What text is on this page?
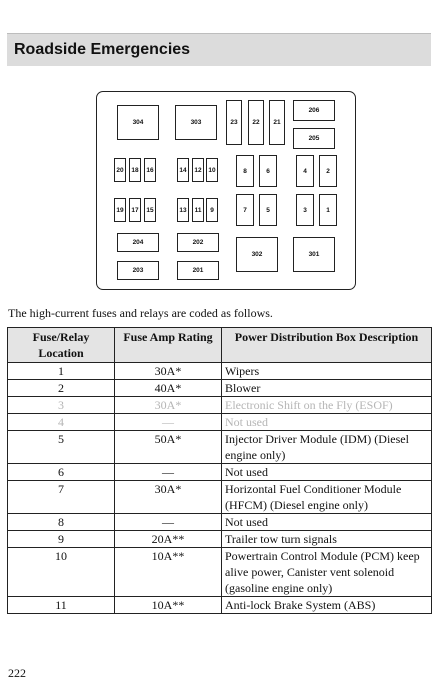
Roadside Emergencies
304	303	23	22	21
206
205
20	18	16	14	12	10	8	6	4	2
19	17	15	13	11	9	7	5	3	1
204	202
203	201
302	301
The high-current fuses and relays are coded as follows.
Fuse/Relay Location	Fuse Amp Rating	Power Distribution Box Description
1	30A*	Wipers
2	40A*	Blower
3	30A*	Electronic Shift on the Fly (ESOF)
4	—	Not used
5	50A*	Injector Driver Module (IDM) (Diesel engine only)
6	—	Not used
7	30A*	Horizontal Fuel Conditioner Module (HFCM) (Diesel engine only)
8	—	Not used
9	20A**	Trailer tow turn signals
10	10A**	Powertrain Control Module (PCM) keep alive power, Canister vent solenoid (gasoline engine only)
11	10A**	Anti-lock Brake System (ABS)
222
